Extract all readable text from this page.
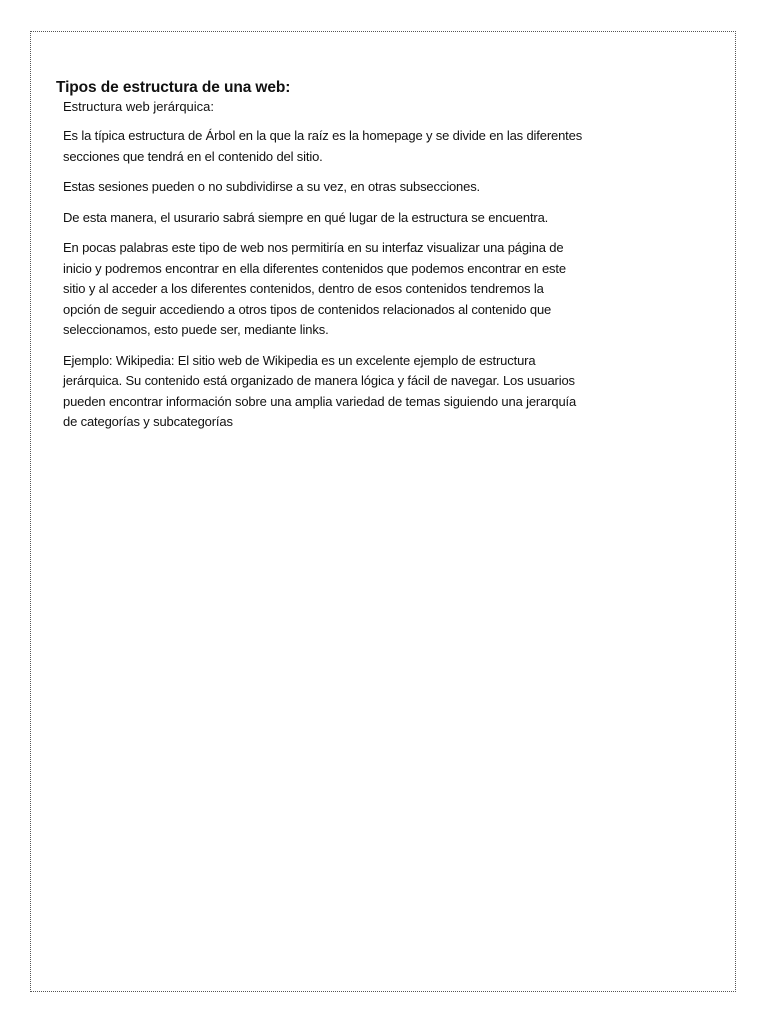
Tipos de estructura de una web:

Estructura web jerárquica:

Es la típica estructura de Árbol en la que la raíz es la homepage y se divide en las diferentes
secciones que tendrá en el contenido del sitio.

Estas sesiones pueden o no subdividirse a su vez, en otras subsecciones.

De esta manera, el usurario sabrá siempre en qué lugar de la estructura se encuentra.

En pocas palabras este tipo de web nos permitiría en su interfaz visualizar una página de
inicio y podremos encontrar en ella diferentes contenidos que podemos encontrar en este
sitio y al acceder a los diferentes contenidos, dentro de esos contenidos tendremos la
opción de seguir accediendo a otros tipos de contenidos relacionados al contenido que
seleccionamos, esto puede ser, mediante links.

Ejemplo: Wikipedia: El sitio web de Wikipedia es un excelente ejemplo de estructura
jerárquica. Su contenido está organizado de manera lógica y fácil de navegar. Los usuarios
pueden encontrar información sobre una amplia variedad de temas siguiendo una jerarquía
de categorías y subcategorías
